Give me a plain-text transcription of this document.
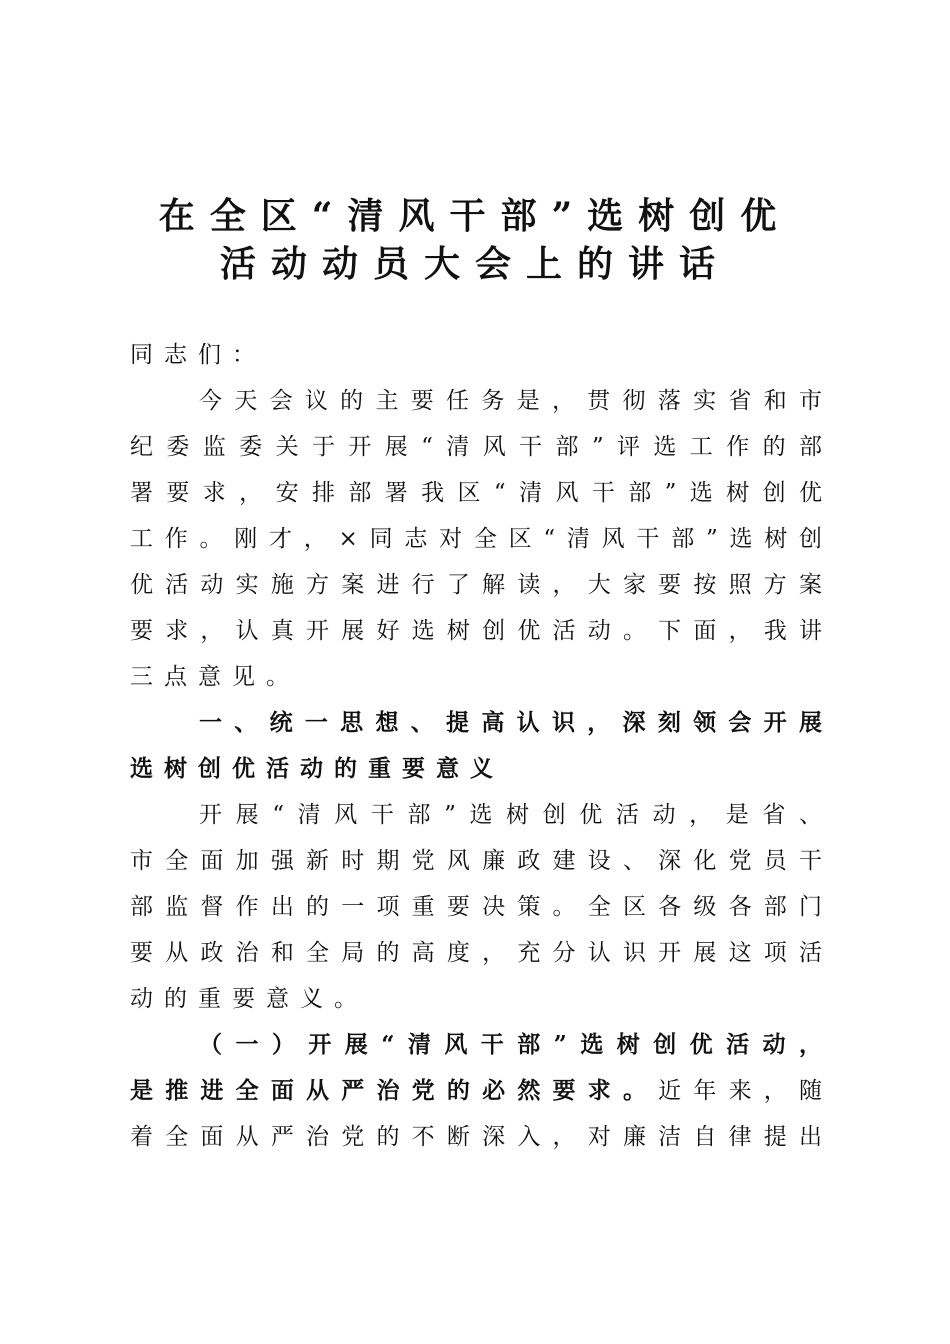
在全区“清风干部”选树创优
活动动员大会上的讲话
同志们：
今天会议的主要任务是，贯彻落实省和市
纪委监委关于开展“清风干部”评选工作的部
署要求，安排部署我区“清风干部”选树创优
工作。刚才，×同志对全区“清风干部”选树创
优活动实施方案进行了解读，大家要按照方案
要求，认真开展好选树创优活动。下面，我讲
三点意见。
一、统一思想、提高认识，深刻领会开展
选树创优活动的重要意义
开展“清风干部”选树创优活动，是省、
市全面加强新时期党风廉政建设、深化党员干
部监督作出的一项重要决策。全区各级各部门
要从政治和全局的高度，充分认识开展这项活
动的重要意义。
（一）开展“清风干部”选树创优活动，
是推进全面从严治党的必然要求。近年来，随
着全面从严治党的不断深入，对廉洁自律提出
